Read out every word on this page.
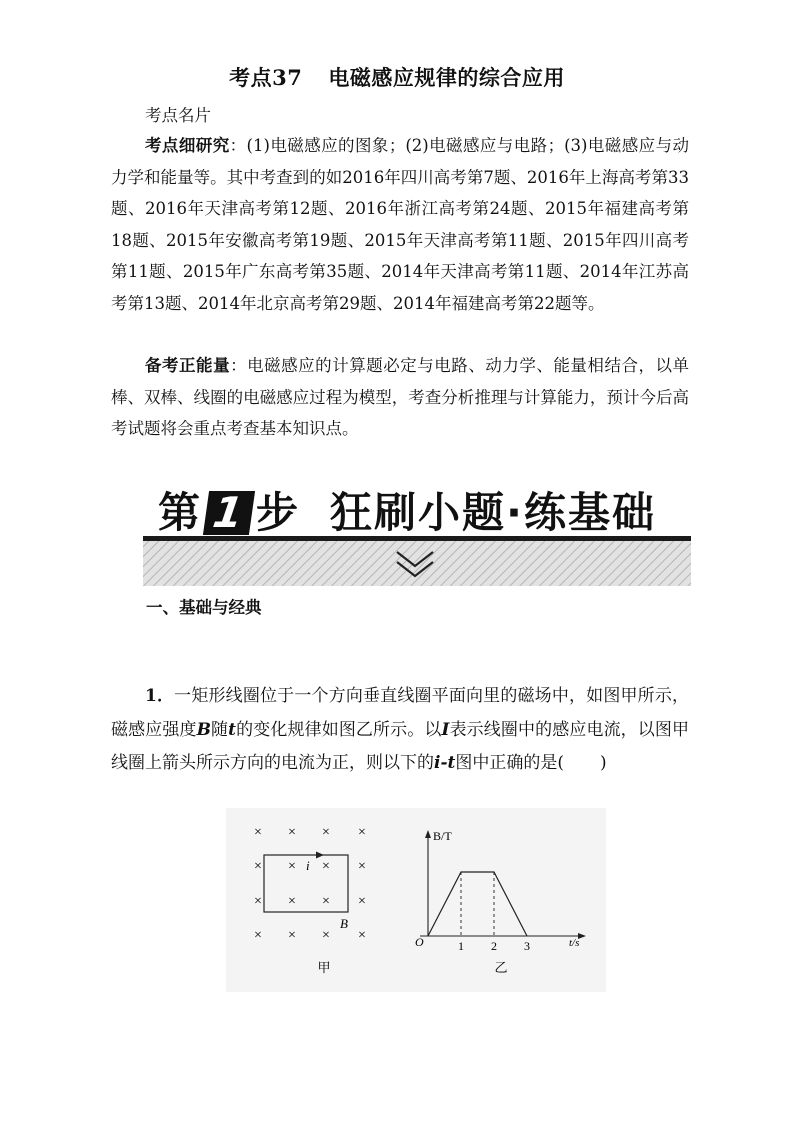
考点37 电磁感应规律的综合应用
考点名片
考点细研究：(1)电磁感应的图象；(2)电磁感应与电路；(3)电磁感应与动力学和能量等。其中考查到的如2016年四川高考第7题、2016年上海高考第33题、2016年天津高考第12题、2016年浙江高考第24题、2015年福建高考第18题、2015年安徽高考第19题、2015年天津高考第11题、2015年四川高考第11题、2015年广东高考第35题、2014年天津高考第11题、2014年江苏高考第13题、2014年北京高考第29题、2014年福建高考第22题等。
备考正能量：电磁感应的计算题必定与电路、动力学、能量相结合，以单棒、双棒、线圈的电磁感应过程为模型，考查分析推理与计算能力，预计今后高考试题将会重点考查基本知识点。
第 1 步 狂刷小题·练基础
一、基础与经典
1．一矩形线圈位于一个方向垂直线圈平面向里的磁场中，如图甲所示，磁感应强度B随t的变化规律如图乙所示。以I表示线圈中的感应电流，以图甲线圈上箭头所示方向的电流为正，则以下的i-t图中正确的是( )
× × × ×
× × × ×
× × × ×
× × × ×
i
B
甲
B/T
t/s
O	1 2 3
乙
